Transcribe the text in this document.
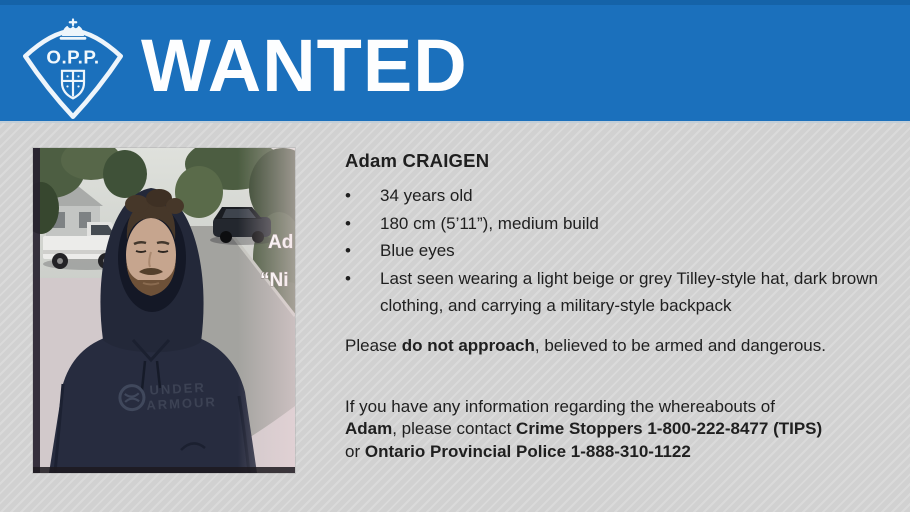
O.P.P. WANTED
UNDER
ARMOUR
Adam CRAIGEN
•	34 years old
•	180 cm (5’11”), medium build
•	Blue eyes
•	Last seen wearing a light beige or grey Tilley-style hat, dark brown clothing, and carrying a military-style backpack

Please do not approach, believed to be armed and dangerous.

If you have any information regarding the whereabouts of
Adam, please contact Crime Stoppers 1-800-222-8477 (TIPS)
or Ontario Provincial Police 1-888-310-1122
